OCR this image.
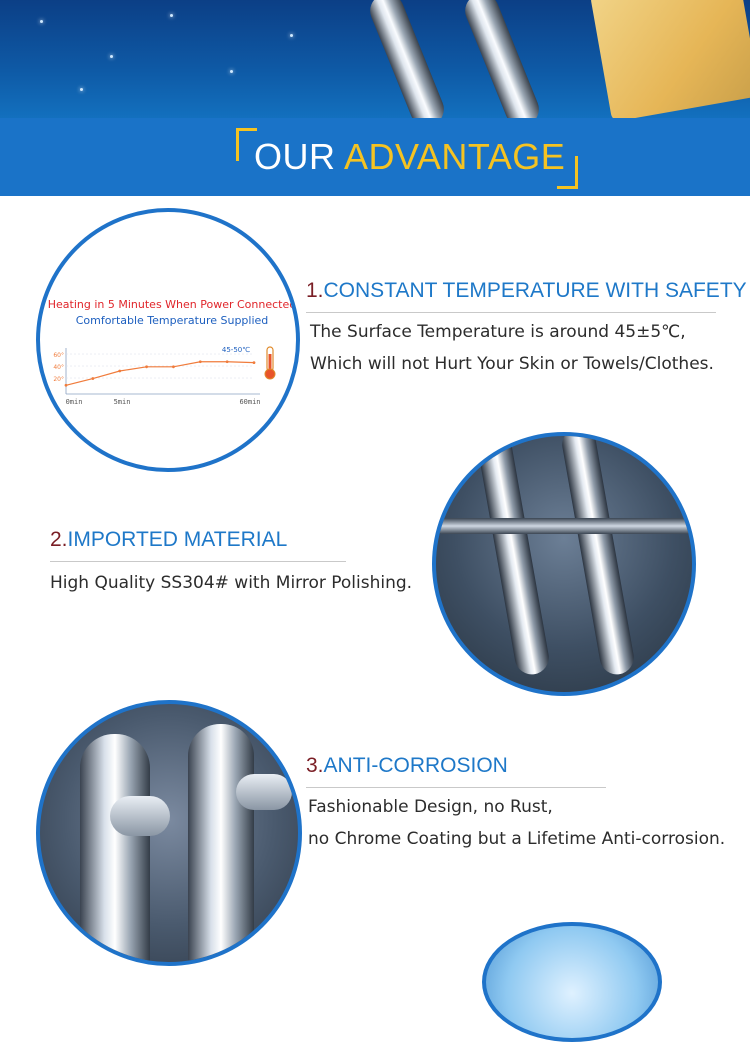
OUR ADVANTAGE
Heating in 5 Minutes When Power Connected
Comfortable Temperature Supplied
60°
40°
20°
0min	5min	60min
45-50℃
1.CONSTANT TEMPERATURE WITH SAFETY
The Surface Temperature is around 45±5℃,
Which will not Hurt Your Skin or Towels/Clothes.
2.IMPORTED MATERIAL
High Quality SS304# with Mirror Polishing.
3.ANTI-CORROSION
Fashionable Design, no Rust,
no Chrome Coating but a Lifetime Anti-corrosion.
